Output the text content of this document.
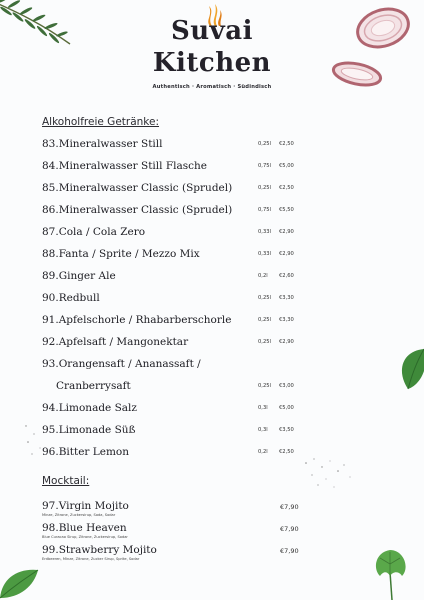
Suvai
Kitchen
Authentisch · Aromatisch · Südindisch
Alkoholfreie Getränke:
83.Mineralwasser Still	0,25l €2,50
84.Mineralwasser Still Flasche	0,75l €5,00
85.Mineralwasser Classic (Sprudel)	0,25l €2,50
86.Mineralwasser Classic (Sprudel)	0,75l €5,50
87.Cola / Cola Zero	0,33l €2,90
88.Fanta / Sprite / Mezzo Mix	0,33l €2,90
89.Ginger Ale	0,2l €2,60
90.Redbull	0,25l €3,30
91.Apfelschorle / Rhabarberschorle	0,25l €3,30
92.Apfelsaft / Mangonektar	0,25l €2,90
93.Orangensaft / Ananassaft /
Cranberrysaft	0,25l €3,00
94.Limonade Salz	0,3l €5,00
95.Limonade Süß	0,3l €3,50
96.Bitter Lemon	0,2l €2,50
Mocktail:
97.Virgin Mojito	€7,90
Minze, Zitrone, Zuckersirup, Soda, Sodar
98.Blue Heaven	€7,90
Blue Curacao Sirup, Zitrone, Zuckersirup, Sodar
99.Strawberry Mojito	€7,90
Erdbeeren, Minze, Zitrone, Zucker Sirup, Sprite, Sodar
